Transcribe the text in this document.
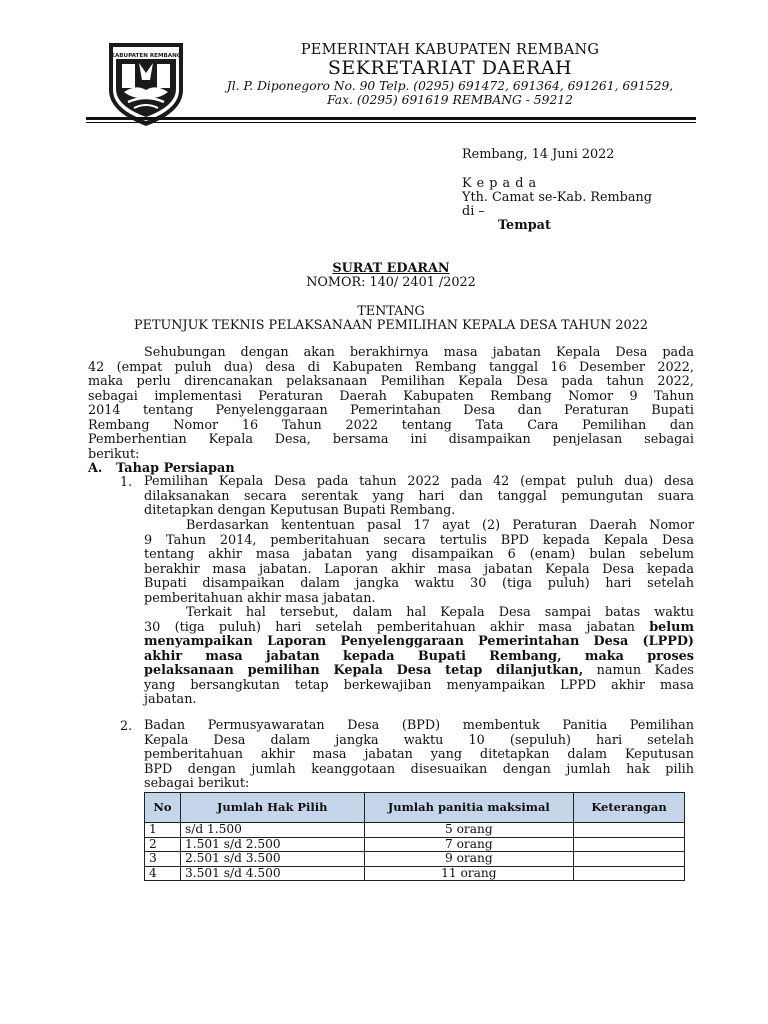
KABUPATEN REMBANG	PEMERINTAH KABUPATEN REMBANG
SEKRETARIAT DAERAH
Jl. P. Diponegoro No. 90 Telp. (0295) 691472, 691364, 691261, 691529,
Fax. (0295) 691619 REMBANG - 59212
Rembang, 14 Juni 2022
K e p a d a
Yth. Camat se-Kab. Rembang
di –
Tempat
SURAT EDARAN
NOMOR: 140/ 2401 /2022
TENTANG
PETUNJUK TEKNIS PELAKSANAAN PEMILIHAN KEPALA DESA TAHUN 2022
Sehubungan dengan akan berakhirnya masa jabatan Kepala Desa pada
42 (empat puluh dua) desa di Kabupaten Rembang tanggal 16 Desember 2022,
maka perlu direncanakan pelaksanaan Pemilihan Kepala Desa pada tahun 2022,
sebagai implementasi Peraturan Daerah Kabupaten Rembang Nomor 9 Tahun
2014 tentang Penyelenggaraan Pemerintahan Desa dan Peraturan Bupati
Rembang Nomor 16 Tahun 2022 tentang Tata Cara Pemilihan dan
Pemberhentian Kepala Desa, bersama ini disampaikan penjelasan sebagai
berikut:
A. Tahap Persiapan
1. Pemilihan Kepala Desa pada tahun 2022 pada 42 (empat puluh dua) desa
dilaksanakan secara serentak yang hari dan tanggal pemungutan suara
ditetapkan dengan Keputusan Bupati Rembang.
Berdasarkan kententuan pasal 17 ayat (2) Peraturan Daerah Nomor
9 Tahun 2014, pemberitahuan secara tertulis BPD kepada Kepala Desa
tentang akhir masa jabatan yang disampaikan 6 (enam) bulan sebelum
berakhir masa jabatan. Laporan akhir masa jabatan Kepala Desa kepada
Bupati disampaikan dalam jangka waktu 30 (tiga puluh) hari setelah
pemberitahuan akhir masa jabatan.
Terkait hal tersebut, dalam hal Kepala Desa sampai batas waktu
30 (tiga puluh) hari setelah pemberitahuan akhir masa jabatan belum
menyampaikan Laporan Penyelenggaraan Pemerintahan Desa (LPPD)
akhir masa jabatan kepada Bupati Rembang, maka proses
pelaksanaan pemilihan Kepala Desa tetap dilanjutkan, namun Kades
yang bersangkutan tetap berkewajiban menyampaikan LPPD akhir masa
jabatan.
2. Badan Permusyawaratan Desa (BPD) membentuk Panitia Pemilihan
Kepala Desa dalam jangka waktu 10 (sepuluh) hari setelah
pemberitahuan akhir masa jabatan yang ditetapkan dalam Keputusan
BPD dengan jumlah keanggotaan disesuaikan dengan jumlah hak pilih
sebagai berikut:
No	Jumlah Hak Pilih	Jumlah panitia maksimal	Keterangan
1	s/d 1.500	5 orang	
2	1.501 s/d 2.500	7 orang	
3	2.501 s/d 3.500	9 orang	
4	3.501 s/d 4.500	11 orang	
